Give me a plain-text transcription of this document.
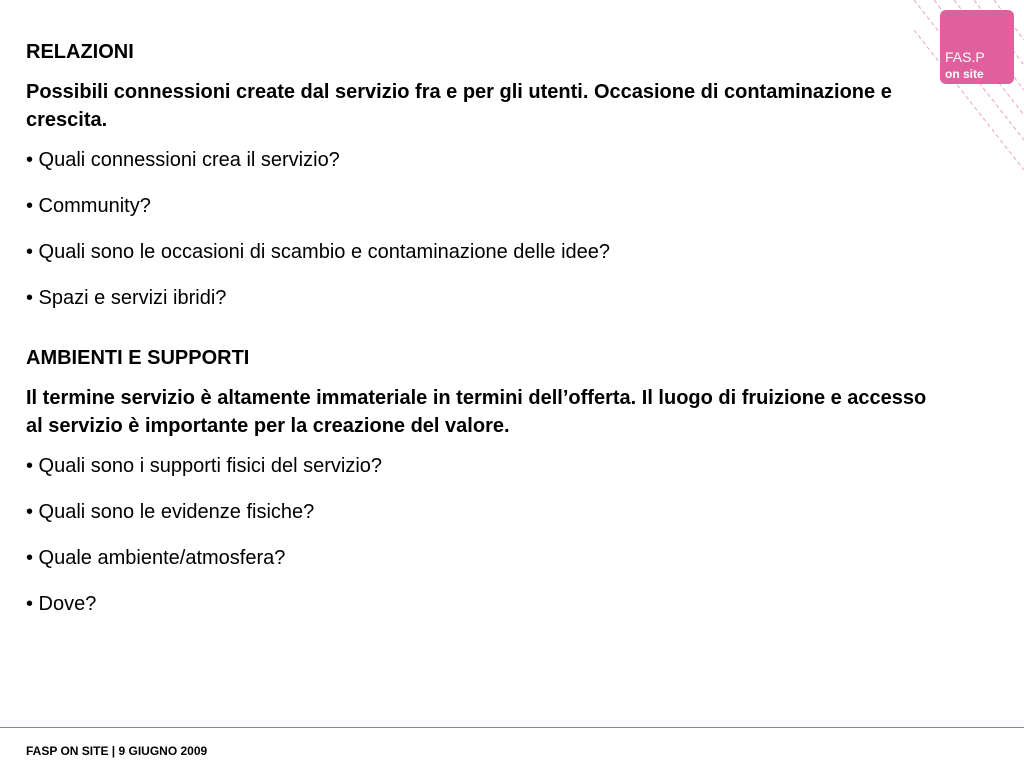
FAS.P
on site
RELAZIONI
Possibili connessioni create dal servizio fra e per gli utenti. Occasione di contaminazione e crescita.
• Quali connessioni crea il servizio?
• Community?
• Quali sono le occasioni di scambio e contaminazione delle idee?
• Spazi e servizi ibridi?
AMBIENTI E SUPPORTI
Il termine servizio è altamente immateriale in termini dell’offerta. Il luogo di fruizione e accesso al servizio è importante per la creazione del valore.
• Quali sono i supporti fisici del servizio?
• Quali sono le evidenze fisiche?
• Quale ambiente/atmosfera?
• Dove?
FASP ON SITE | 9 GIUGNO 2009
